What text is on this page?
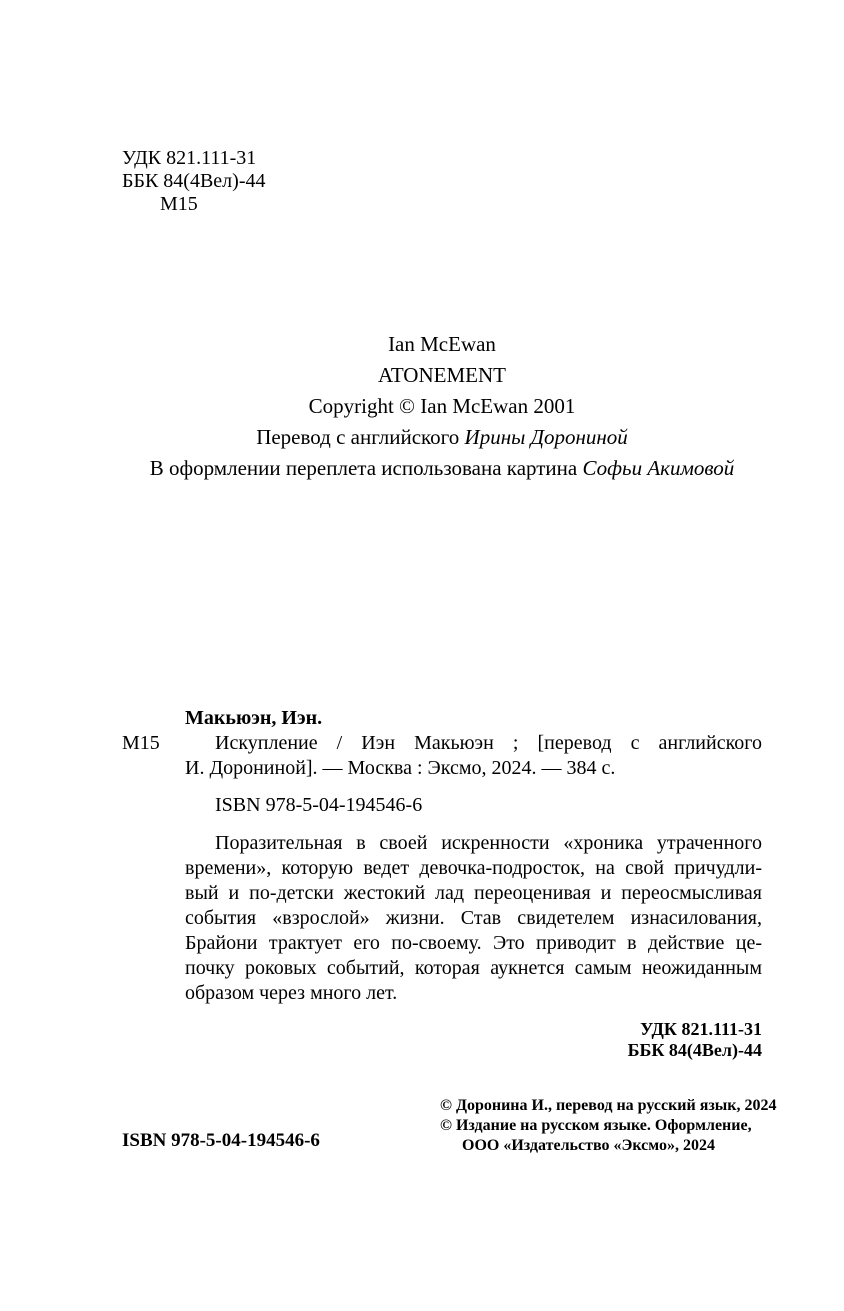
УДК 821.111-31
ББК 84(4Вел)-44
М15
Ian McEwan
ATONEMENT
Copyright © Ian McEwan 2001
Перевод с английского Ирины Дорониной
В оформлении переплета использована картина Софьи Акимовой
Макьюэн, Иэн.
М15	Искупление / Иэн Макьюэн ; [перевод с английского
И. Дорониной]. — Москва : Эксмо, 2024. — 384 с.
ISBN 978-5-04-194546-6
Поразительная в своей искренности «хроника утраченного
времени», которую ведет девочка-подросток, на свой причудли-
вый и по-детски жестокий лад переоценивая и переосмысливая
события «взрослой» жизни. Став свидетелем изнасилования,
Брайони трактует его по-своему. Это приводит в действие це-
почку роковых событий, которая аукнется самым неожиданным
образом через много лет.
УДК 821.111-31
ББК 84(4Вел)-44
© Доронина И., перевод на русский язык, 2024
© Издание на русском языке. Оформление,
ООО «Издательство «Эксмо», 2024
ISBN 978-5-04-194546-6
